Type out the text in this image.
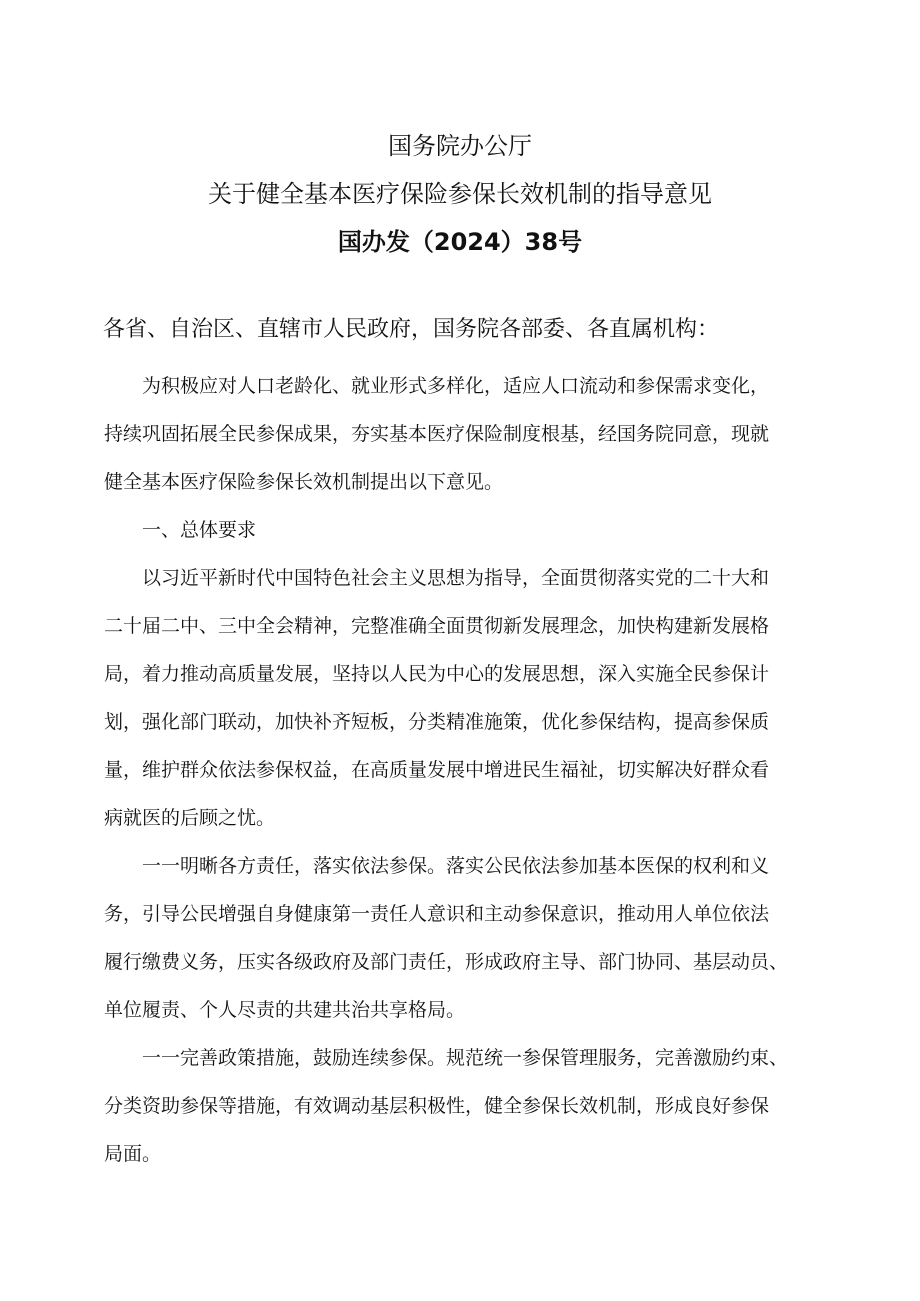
国务院办公厅
关于健全基本医疗保险参保长效机制的指导意见
国办发（2024）38号
各省、自治区、直辖市人民政府，国务院各部委、各直属机构：
　　为积极应对人口老龄化、就业形式多样化，适应人口流动和参保需求变化，
持续巩固拓展全民参保成果，夯实基本医疗保险制度根基，经国务院同意，现就
健全基本医疗保险参保长效机制提出以下意见。
　　一、总体要求
　　以习近平新时代中国特色社会主义思想为指导，全面贯彻落实党的二十大和
二十届二中、三中全会精神，完整准确全面贯彻新发展理念，加快构建新发展格
局，着力推动高质量发展，坚持以人民为中心的发展思想，深入实施全民参保计
划，强化部门联动，加快补齐短板，分类精准施策，优化参保结构，提高参保质
量，维护群众依法参保权益，在高质量发展中增进民生福祉，切实解决好群众看
病就医的后顾之忧。
　　一一明晰各方责任，落实依法参保。落实公民依法参加基本医保的权利和义
务，引导公民增强自身健康第一责任人意识和主动参保意识，推动用人单位依法
履行缴费义务，压实各级政府及部门责任，形成政府主导、部门协同、基层动员、
单位履责、个人尽责的共建共治共享格局。
　　一一完善政策措施，鼓励连续参保。规范统一参保管理服务，完善激励约束、
分类资助参保等措施，有效调动基层积极性，健全参保长效机制，形成良好参保
局面。
